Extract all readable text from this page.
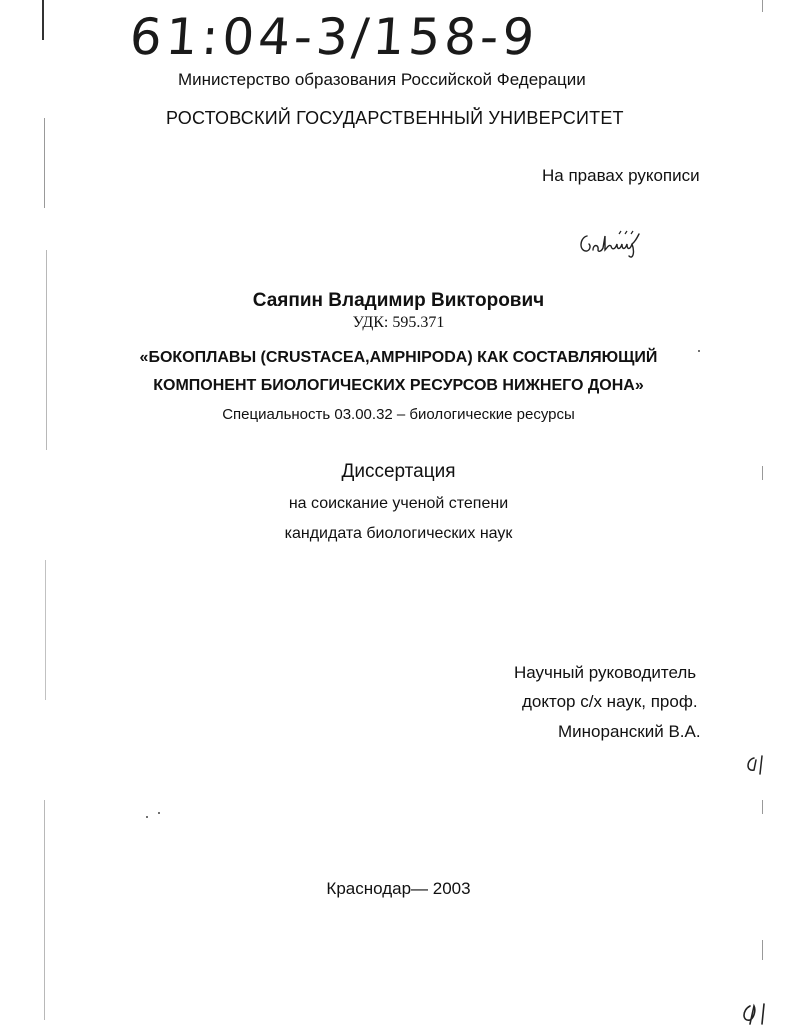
61:04-3/158-9
Министерство образования Российской Федерации
РОСТОВСКИЙ ГОСУДАРСТВЕННЫЙ УНИВЕРСИТЕТ
На правах рукописи
Саяпин Владимир Викторович
УДК: 595.371
«БОКОПЛАВЫ (CRUSTACEA,AMPHIPODA) КАК СОСТАВЛЯЮЩИЙ
КОМПОНЕНТ БИОЛОГИЧЕСКИХ РЕСУРСОВ НИЖНЕГО ДОНА»
Специальность 03.00.32 – биологические ресурсы
Диссертация
на соискание ученой степени
кандидата биологических наук
Научный руководитель
доктор с/х наук, проф.
Миноранский В.А.
Краснодар— 2003
